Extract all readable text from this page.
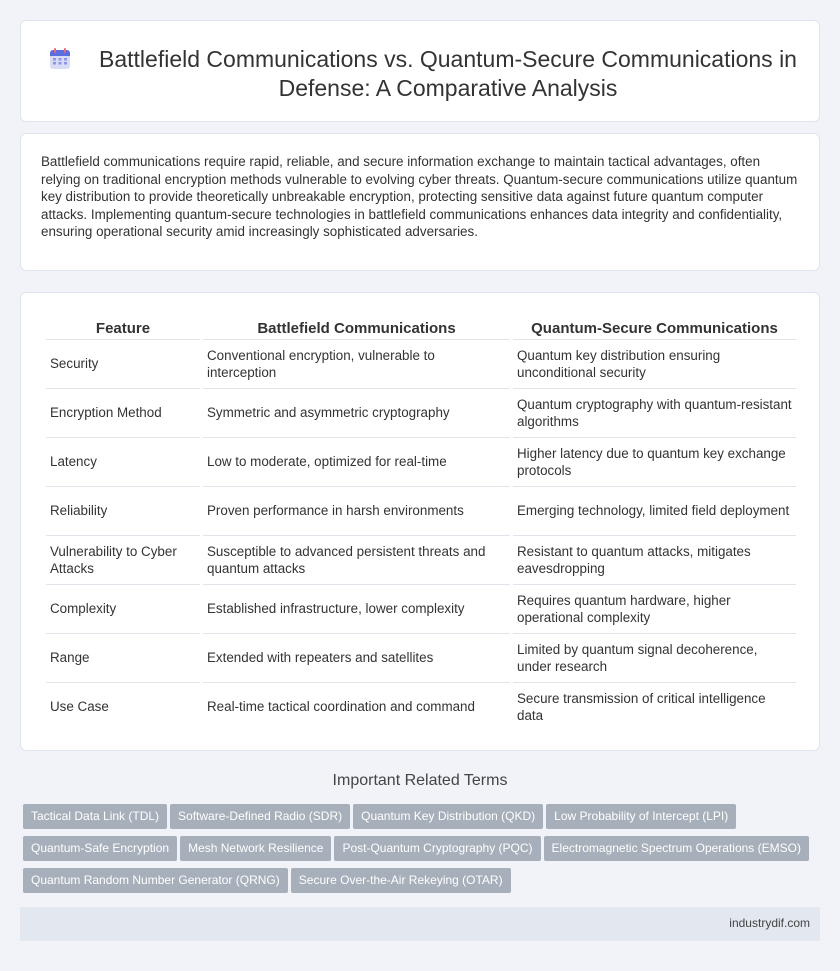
Battlefield Communications vs. Quantum-Secure Communications in Defense: A Comparative Analysis

Battlefield communications require rapid, reliable, and secure information exchange to maintain tactical advantages, often relying on traditional encryption methods vulnerable to evolving cyber threats. Quantum-secure communications utilize quantum key distribution to provide theoretically unbreakable encryption, protecting sensitive data against future quantum computer attacks. Implementing quantum-secure technologies in battlefield communications enhances data integrity and confidentiality, ensuring operational security amid increasingly sophisticated adversaries.

Feature	Battlefield Communications	Quantum-Secure Communications
Security	Conventional encryption, vulnerable to interception	Quantum key distribution ensuring unconditional security
Encryption Method	Symmetric and asymmetric cryptography	Quantum cryptography with quantum-resistant algorithms
Latency	Low to moderate, optimized for real-time	Higher latency due to quantum key exchange protocols
Reliability	Proven performance in harsh environments	Emerging technology, limited field deployment
Vulnerability to Cyber Attacks	Susceptible to advanced persistent threats and quantum attacks	Resistant to quantum attacks, mitigates eavesdropping
Complexity	Established infrastructure, lower complexity	Requires quantum hardware, higher operational complexity
Range	Extended with repeaters and satellites	Limited by quantum signal decoherence, under research
Use Case	Real-time tactical coordination and command	Secure transmission of critical intelligence data
Important Related Terms
Tactical Data Link (TDL) Software-Defined Radio (SDR) Quantum Key Distribution (QKD) Low Probability of Intercept (LPI)
Quantum-Safe Encryption Mesh Network Resilience Post-Quantum Cryptography (PQC) Electromagnetic Spectrum Operations (EMSO)
Quantum Random Number Generator (QRNG) Secure Over-the-Air Rekeying (OTAR)
industrydif.com
